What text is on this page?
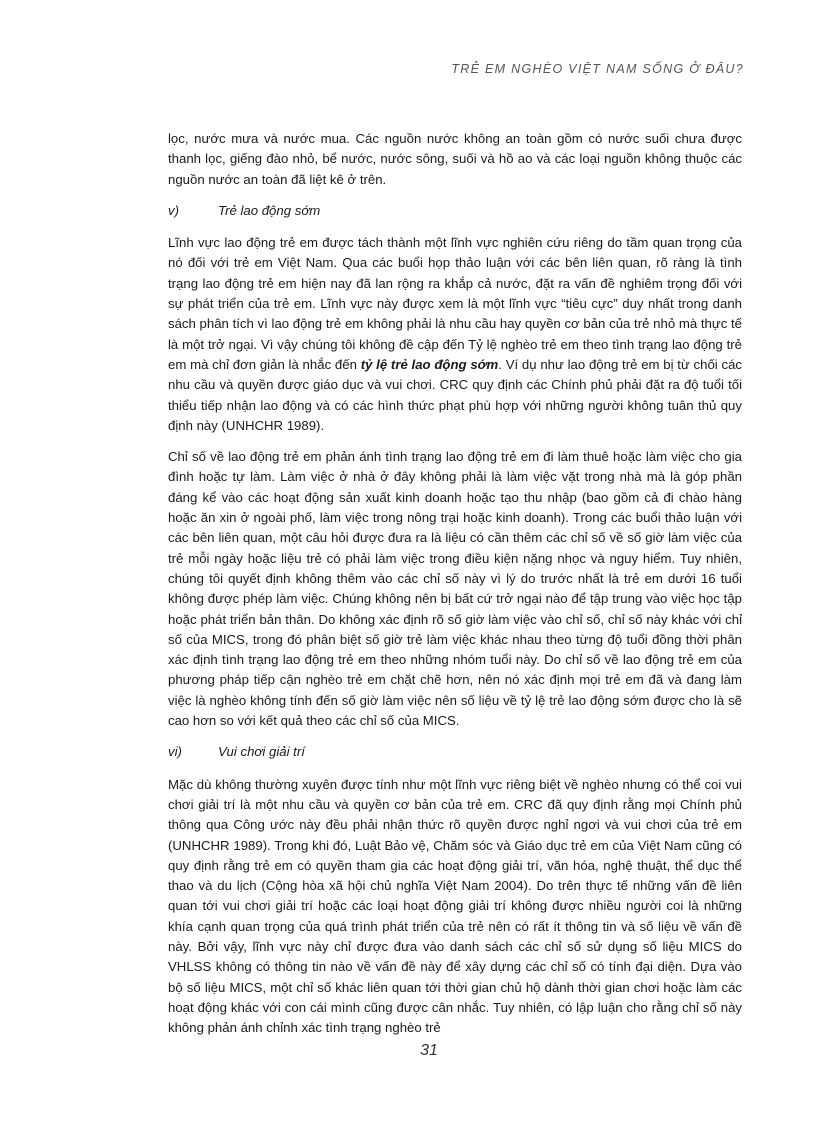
TRẺ EM NGHÈO VIỆT NAM SỐNG Ở ĐÂU?

lọc, nước mưa và nước mua. Các nguồn nước không an toàn gồm có nước suối chưa được thanh lọc, giếng đào nhỏ, bể nước, nước sông, suối và hồ ao và các loại nguồn không thuộc các nguồn nước an toàn đã liệt kê ở trên.

v)	Trẻ lao động sớm

Lĩnh vực lao động trẻ em được tách thành một lĩnh vực nghiên cứu riêng do tầm quan trọng của nó đối với trẻ em Việt Nam. Qua các buổi họp thảo luận với các bên liên quan, rõ ràng là tình trạng lao động trẻ em hiện nay đã lan rộng ra khắp cả nước, đặt ra vấn đề nghiêm trọng đối với sự phát triển của trẻ em. Lĩnh vực này được xem là một lĩnh vực “tiêu cực” duy nhất trong danh sách phân tích vì lao động trẻ em không phải là nhu cầu hay quyền cơ bản của trẻ nhỏ mà thực tế là một trở ngại. Vì vậy chúng tôi không đề cập đến Tỷ lệ nghèo trẻ em theo tình trạng lao động trẻ em mà chỉ đơn giản là nhắc đến tỷ lệ trẻ lao động sớm. Ví dụ như lao động trẻ em bị từ chối các nhu cầu và quyền được giáo dục và vui chơi. CRC quy định các Chính phủ phải đặt ra độ tuổi tối thiểu tiếp nhận lao động và có các hình thức phạt phù hợp với những người không tuân thủ quy định này (UNHCHR 1989).

Chỉ số về lao động trẻ em phản ánh tình trạng lao động trẻ em đi làm thuê hoặc làm việc cho gia đình hoặc tự làm. Làm việc ở nhà ở đây không phải là làm việc vặt trong nhà mà là góp phần đáng kể vào các hoạt động sản xuất kinh doanh hoặc tạo thu nhập (bao gồm cả đi chào hàng hoặc ăn xin ở ngoài phố, làm việc trong nông trại hoặc kinh doanh). Trong các buổi thảo luận với các bên liên quan, một câu hỏi được đưa ra là liệu có cần thêm các chỉ số về số giờ làm việc của trẻ mỗi ngày hoặc liệu trẻ có phải làm việc trong điều kiện nặng nhọc và nguy hiểm. Tuy nhiên, chúng tôi quyết định không thêm vào các chỉ số này vì lý do trước nhất là trẻ em dưới 16 tuổi không được phép làm việc. Chúng không nên bị bất cứ trở ngại nào để tập trung vào việc học tập hoặc phát triển bản thân. Do không xác định rõ số giờ làm việc vào chỉ số, chỉ số này khác với chỉ số của MICS, trong đó phân biệt số giờ trẻ làm việc khác nhau theo từng độ tuổi đồng thời phân xác định tình trạng lao động trẻ em theo những nhóm tuổi này. Do chỉ số về lao động trẻ em của phương pháp tiếp cận nghèo trẻ em chặt chẽ hơn, nên nó xác định mọi trẻ em đã và đang làm việc là nghèo không tính đến số giờ làm việc nên số liệu về tỷ lệ trẻ lao động sớm được cho là sẽ cao hơn so với kết quả theo các chỉ số của MICS.

vi)	Vui chơi giải trí

Mặc dù không thường xuyên được tính như một lĩnh vực riêng biệt về nghèo nhưng có thể coi vui chơi giải trí là một nhu cầu và quyền cơ bản của trẻ em. CRC đã quy định rằng mọi Chính phủ thông qua Công ước này đều phải nhận thức rõ quyền được nghỉ ngơi và vui chơi của trẻ em (UNHCHR 1989). Trong khi đó, Luật Bảo vệ, Chăm sóc và Giáo dục trẻ em của Việt Nam cũng có quy định rằng trẻ em có quyền tham gia các hoạt động giải trí, văn hóa, nghệ thuật, thể dục thể thao và du lịch (Cộng hòa xã hội chủ nghĩa Việt Nam 2004). Do trên thực tế những vấn đề liên quan tới vui chơi giải trí hoặc các loại hoạt động giải trí không được nhiều người coi là những khía cạnh quan trọng của quá trình phát triển của trẻ nên có rất ít thông tin và số liệu về vấn đề này. Bởi vậy, lĩnh vực này chỉ được đưa vào danh sách các chỉ số sử dụng số liệu MICS do VHLSS không có thông tin nào về vấn đề này để xây dựng các chỉ số có tính đại diện. Dựa vào bộ số liệu MICS, một chỉ số khác liên quan tới thời gian chủ hộ dành thời gian chơi hoặc làm các hoạt động khác với con cái mình cũng được cân nhắc. Tuy nhiên, có lập luận cho rằng chỉ số này không phản ánh chỉnh xác tình trạng nghèo trẻ

31
